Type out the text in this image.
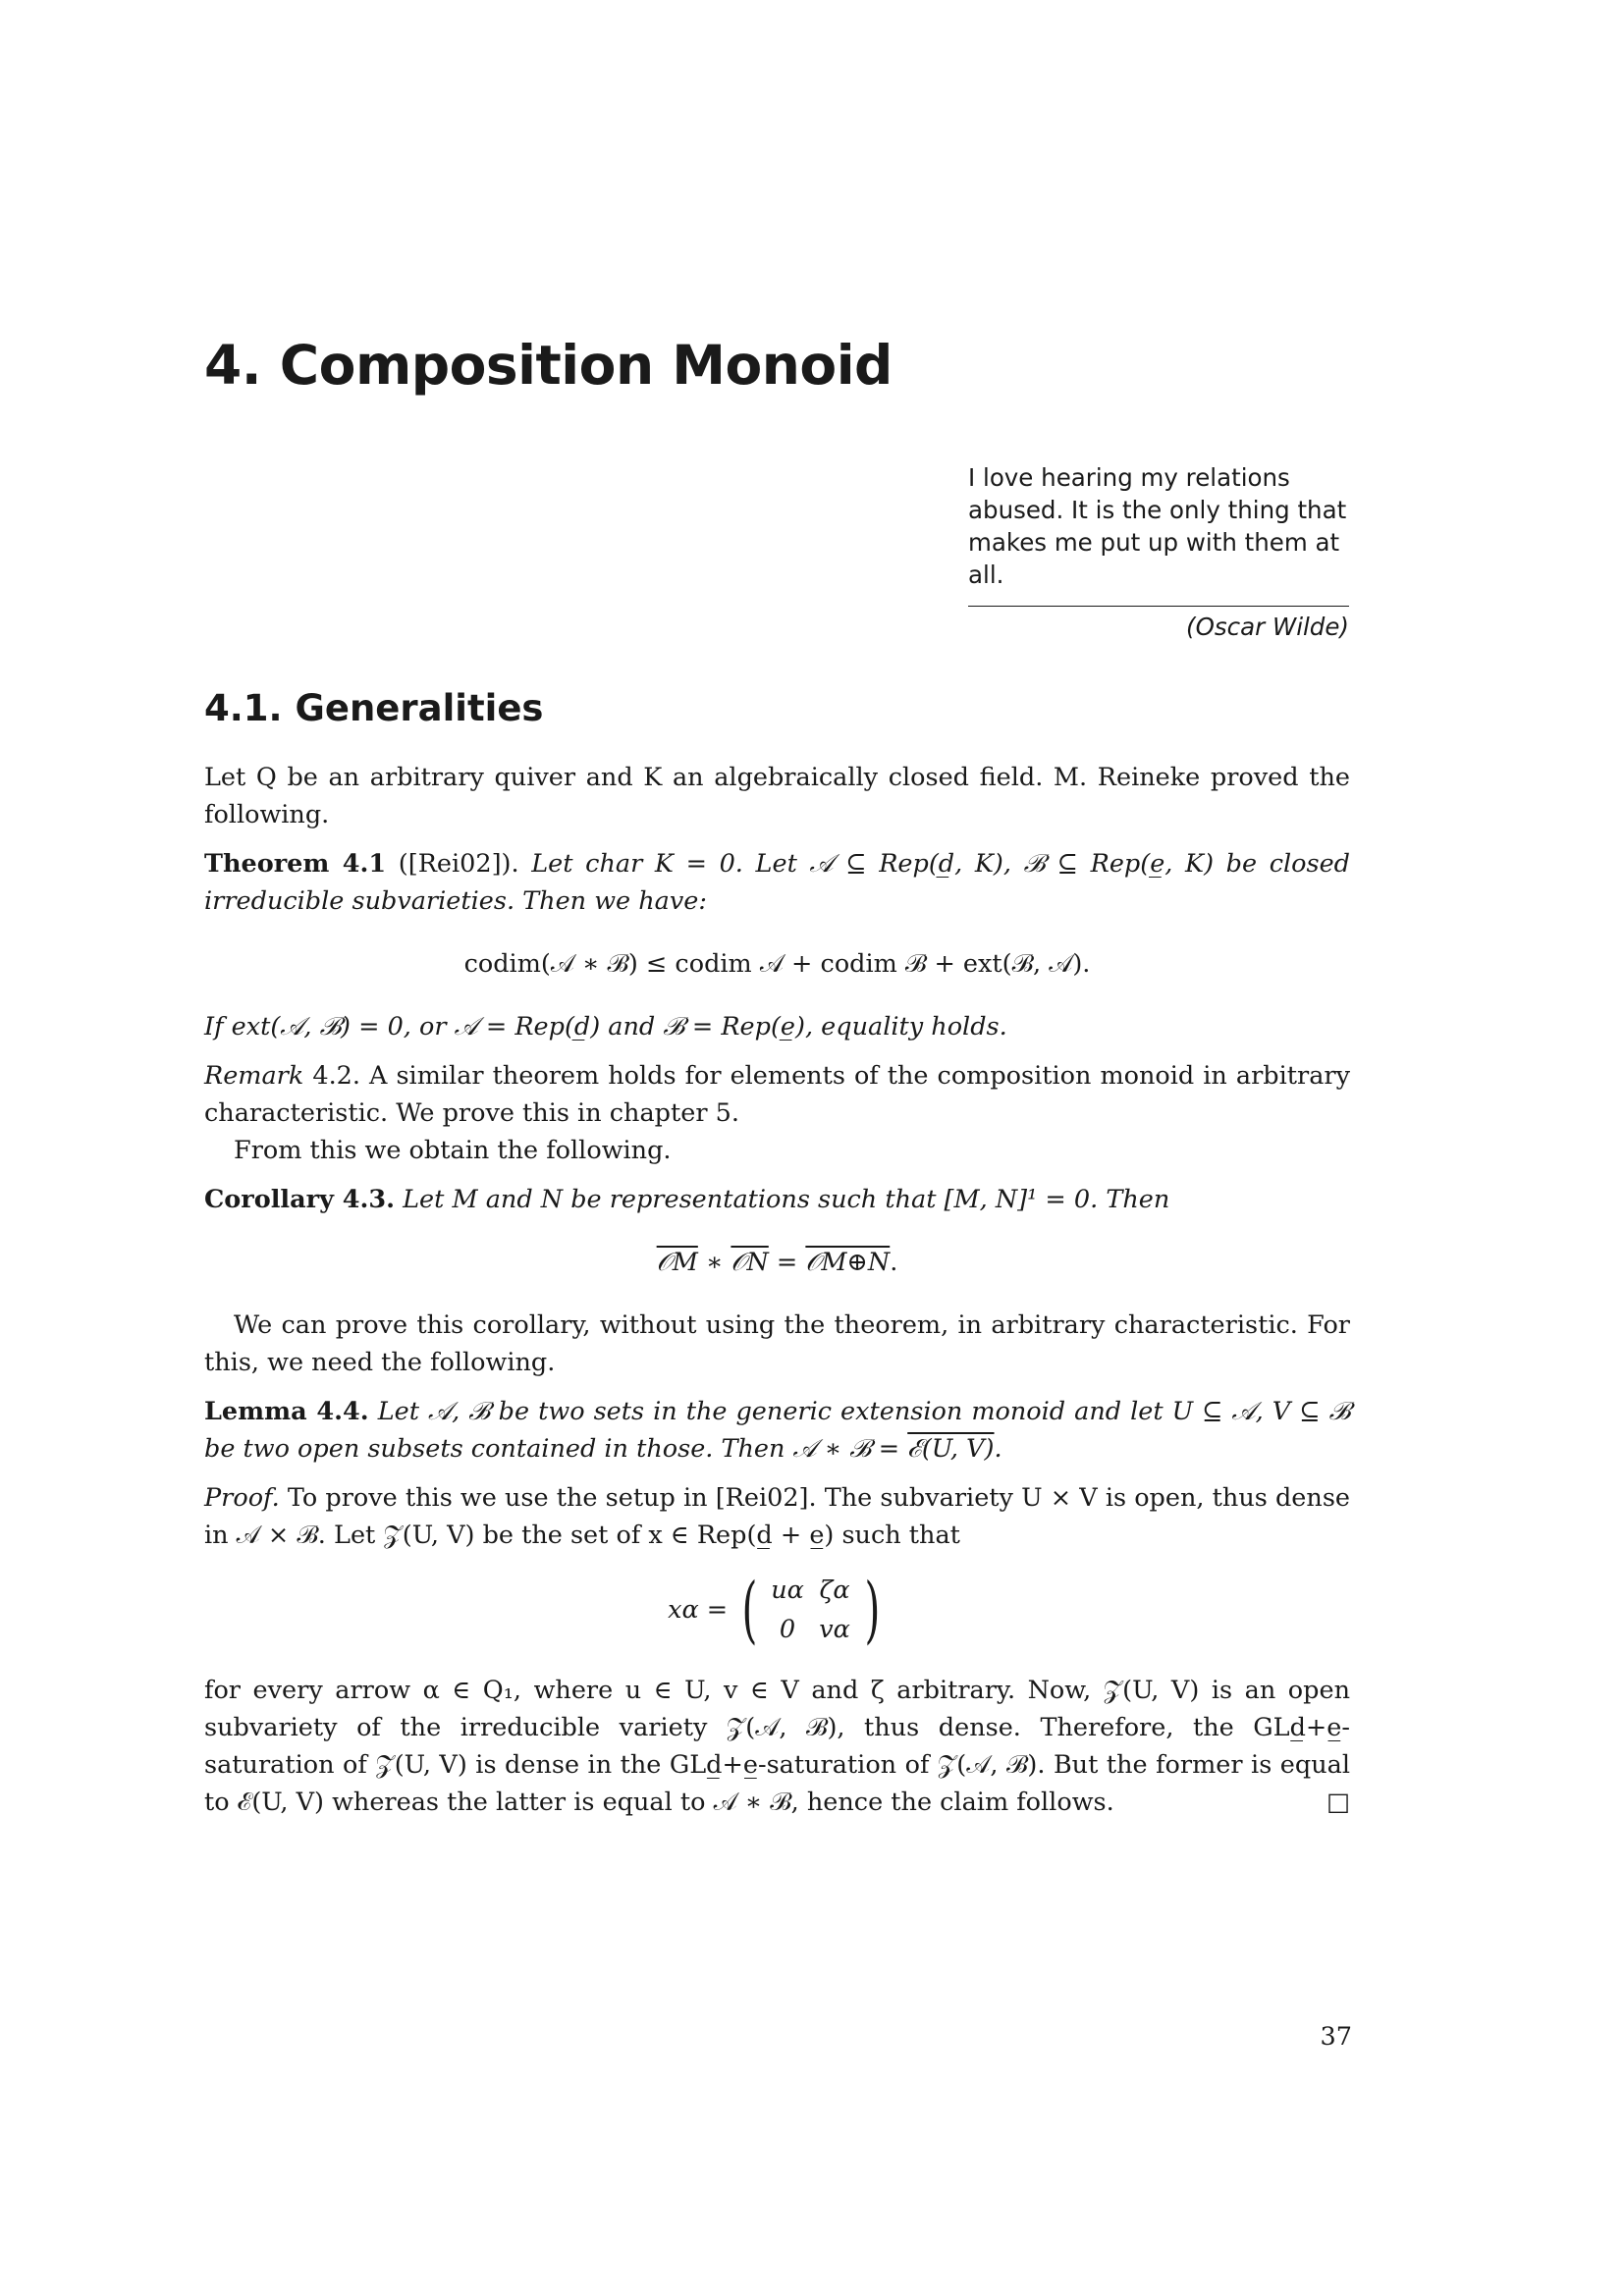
4. Composition Monoid
I love hearing my relations abused. It is the only thing that makes me put up with them at all.
(Oscar Wilde)
4.1. Generalities

Let Q be an arbitrary quiver and K an algebraically closed field. M. Reineke proved the following.

Theorem 4.1 ([Rei02]). Let char K = 0. Let 𝒜 ⊆ Rep(d̲, K), ℬ ⊆ Rep(e̲, K) be closed irreducible subvarieties. Then we have:

codim(𝒜 ∗ ℬ) ≤ codim 𝒜 + codim ℬ + ext(ℬ, 𝒜).

If ext(𝒜, ℬ) = 0, or 𝒜 = Rep(d̲) and ℬ = Rep(e̲), equality holds.

Remark 4.2. A similar theorem holds for elements of the composition monoid in arbitrary characteristic. We prove this in chapter 5.

From this we obtain the following.

Corollary 4.3. Let M and N be representations such that [M, N]¹ = 0. Then

𝒪M ∗ 𝒪N = 𝒪M⊕N.

We can prove this corollary, without using the theorem, in arbitrary characteristic. For this, we need the following.

Lemma 4.4. Let 𝒜, ℬ be two sets in the generic extension monoid and let U ⊆ 𝒜, V ⊆ ℬ be two open subsets contained in those. Then 𝒜 ∗ ℬ = ℰ(U, V).

Proof. To prove this we use the setup in [Rei02]. The subvariety U × V is open, thus dense in 𝒜 × ℬ. Let 𝒵(U, V) be the set of x ∈ Rep(d̲ + e̲) such that

xα = ( uα ζα
0 vα )

for every arrow α ∈ Q₁, where u ∈ U, v ∈ V and ζ arbitrary. Now, 𝒵(U, V) is an open subvariety of the irreducible variety 𝒵(𝒜, ℬ), thus dense. Therefore, the GLd̲+e̲-saturation of 𝒵(U, V) is dense in the GLd̲+e̲-saturation of 𝒵(𝒜, ℬ). But the former is equal to ℰ(U, V) whereas the latter is equal to 𝒜 ∗ ℬ, hence the claim follows.	□

37
